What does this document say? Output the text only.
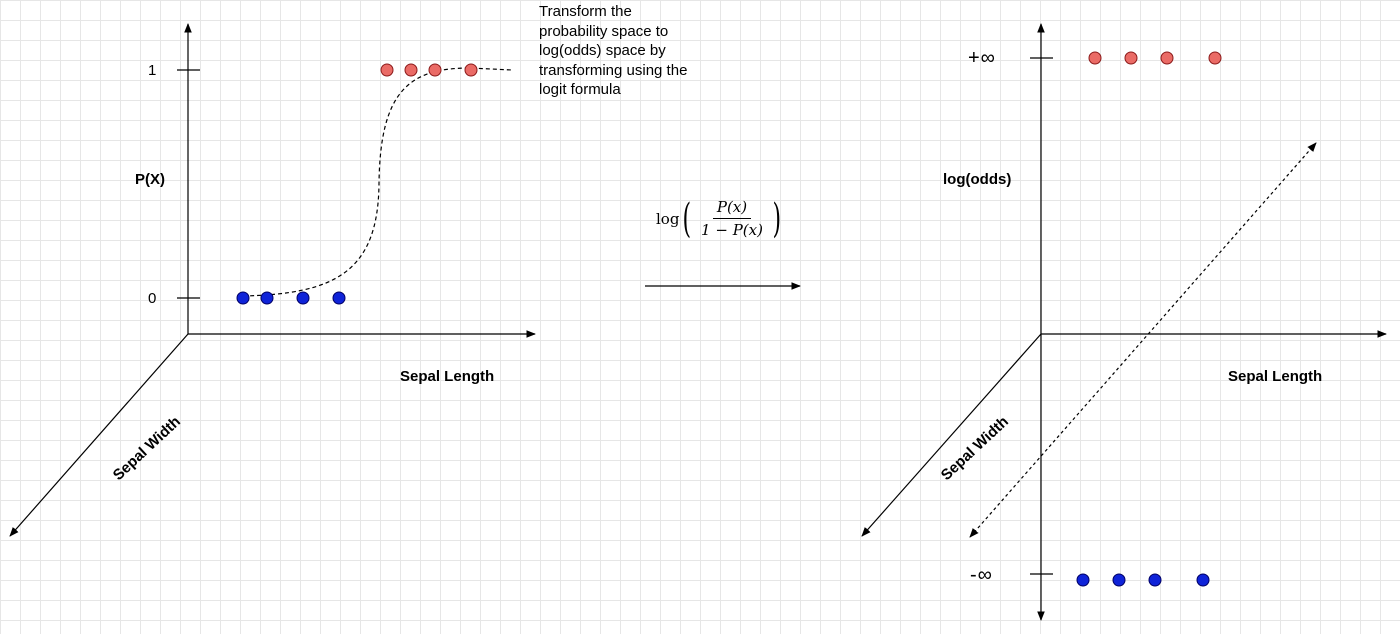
1
0
P(X)
Sepal Length
Sepal Width
Transform the probability space to log(odds) space by transforming using the logit formula
log ( $\frac{P(x)}{1 - P(x)}$ )
+∞
-∞
log(odds)
Sepal Length
Sepal Width
